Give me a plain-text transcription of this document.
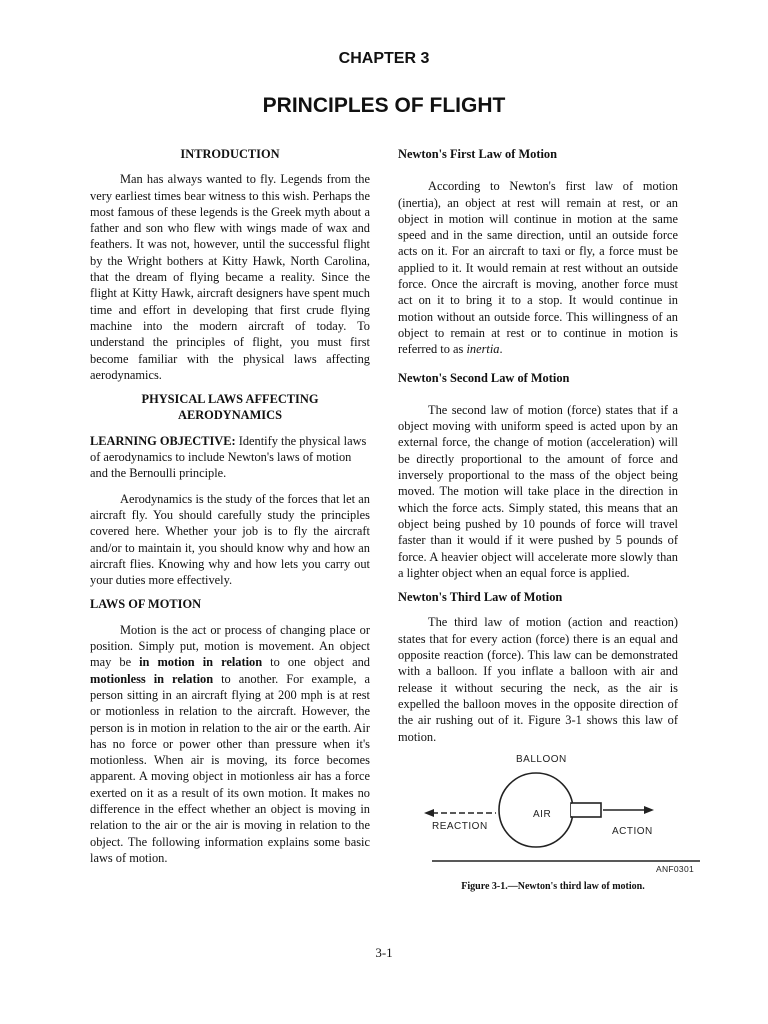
CHAPTER 3
PRINCIPLES OF FLIGHT
INTRODUCTION

Man has always wanted to fly. Legends from the very earliest times bear witness to this wish. Perhaps the most famous of these legends is the Greek myth about a father and son who flew with wings made of wax and feathers. It was not, however, until the successful flight by the Wright bothers at Kitty Hawk, North Carolina, that the dream of flying became a reality. Since the flight at Kitty Hawk, aircraft designers have spent much time and effort in developing that first crude flying machine into the modern aircraft of today. To understand the principles of flight, you must first become familiar with the physical laws affecting aerodynamics.

PHYSICAL LAWS AFFECTING
AERODYNAMICS
LEARNING OBJECTIVE: Identify the physical laws of aerodynamics to include Newton's laws of motion and the Bernoulli principle.

Aerodynamics is the study of the forces that let an aircraft fly. You should carefully study the principles covered here. Whether your job is to fly the aircraft and/or to maintain it, you should know why and how an aircraft flies. Knowing why and how lets you carry out your duties more effectively.

LAWS OF MOTION

Motion is the act or process of changing place or position. Simply put, motion is movement. An object may be in motion in relation to one object and motionless in relation to another. For example, a person sitting in an aircraft flying at 200 mph is at rest or motionless in relation to the aircraft. However, the person is in motion in relation to the air or the earth. Air has no force or power other than pressure when it's motionless. When air is moving, its force becomes apparent. A moving object in motionless air has a force exerted on it as a result of its own motion. It makes no difference in the effect whether an object is moving in relation to the air or the air is moving in relation to the object. The following information explains some basic laws of motion.

Newton's First Law of Motion

According to Newton's first law of motion (inertia), an object at rest will remain at rest, or an object in motion will continue in motion at the same speed and in the same direction, until an outside force acts on it. For an aircraft to taxi or fly, a force must be applied to it. It would remain at rest without an outside force. Once the aircraft is moving, another force must act on it to bring it to a stop. It would continue in motion without an outside force. This willingness of an object to remain at rest or to continue in motion is referred to as inertia.

Newton's Second Law of Motion

The second law of motion (force) states that if a object moving with uniform speed is acted upon by an external force, the change of motion (acceleration) will be directly proportional to the amount of force and inversely proportional to the mass of the object being moved. The motion will take place in the direction in which the force acts. Simply stated, this means that an object being pushed by 10 pounds of force will travel faster than it would if it were pushed by 5 pounds of force. A heavier object will accelerate more slowly than a lighter object when an equal force is applied.

Newton's Third Law of Motion

The third law of motion (action and reaction) states that for every action (force) there is an equal and opposite reaction (force). This law can be demonstrated with a balloon. If you inflate a balloon with air and release it without securing the neck, as the air is expelled the balloon moves in the opposite direction of the air rushing out of it. Figure 3-1 shows this law of motion.

BALLOON
AIR
REACTION	ACTION
ANF0301
Figure 3-1.—Newton's third law of motion.
3-1
